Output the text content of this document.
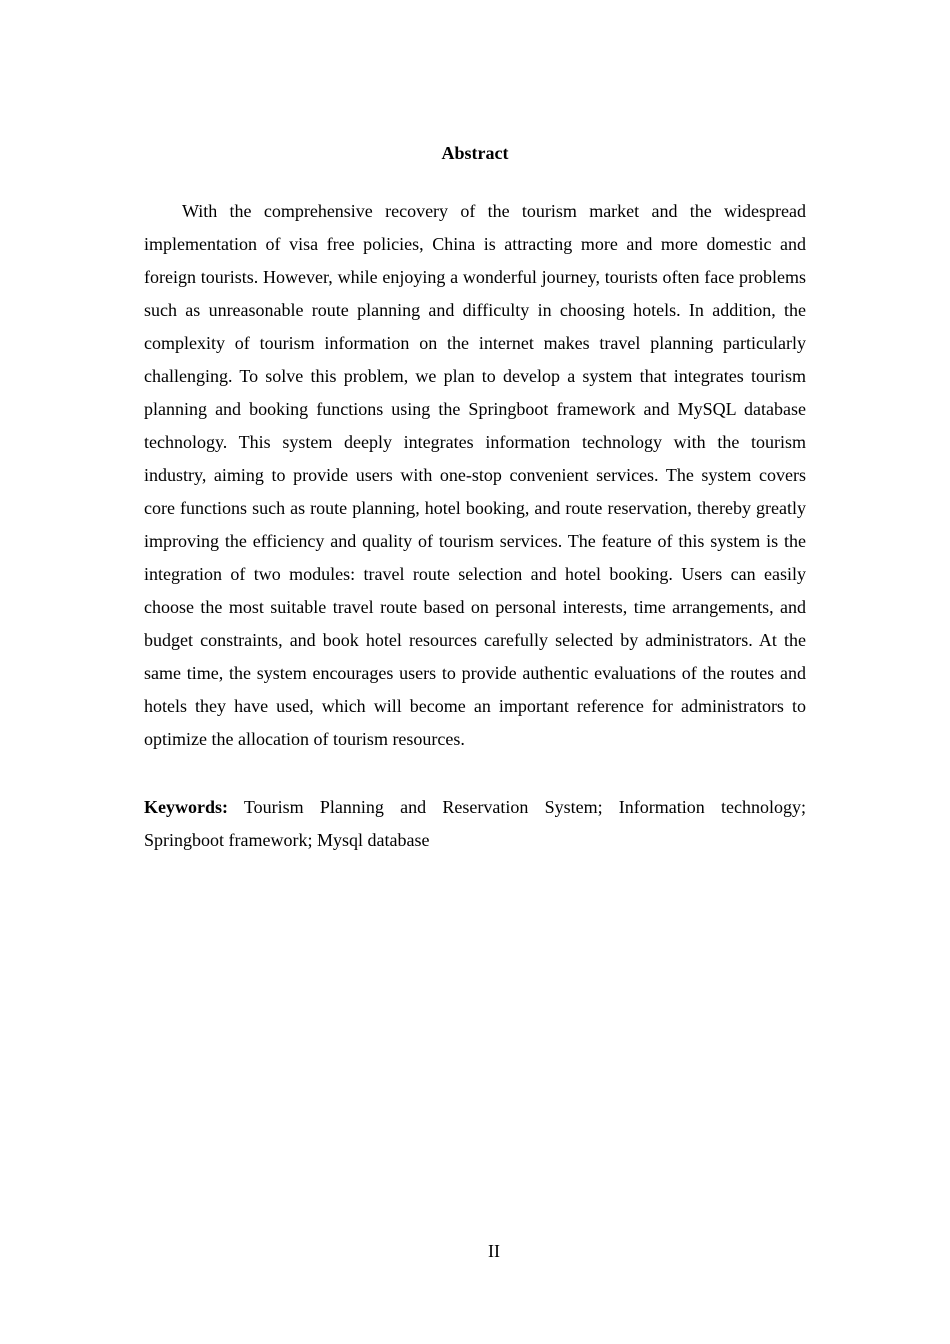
Abstract

With the comprehensive recovery of the tourism market and the widespread implementation of visa free policies, China is attracting more and more domestic and foreign tourists. However, while enjoying a wonderful journey, tourists often face problems such as unreasonable route planning and difficulty in choosing hotels. In addition, the complexity of tourism information on the internet makes travel planning particularly challenging. To solve this problem, we plan to develop a system that integrates tourism planning and booking functions using the Springboot framework and MySQL database technology. This system deeply integrates information technology with the tourism industry, aiming to provide users with one-stop convenient services. The system covers core functions such as route planning, hotel booking, and route reservation, thereby greatly improving the efficiency and quality of tourism services. The feature of this system is the integration of two modules: travel route selection and hotel booking. Users can easily choose the most suitable travel route based on personal interests, time arrangements, and budget constraints, and book hotel resources carefully selected by administrators. At the same time, the system encourages users to provide authentic evaluations of the routes and hotels they have used, which will become an important reference for administrators to optimize the allocation of tourism resources.

Keywords: Tourism Planning and Reservation System; Information technology; Springboot framework; Mysql database

II
